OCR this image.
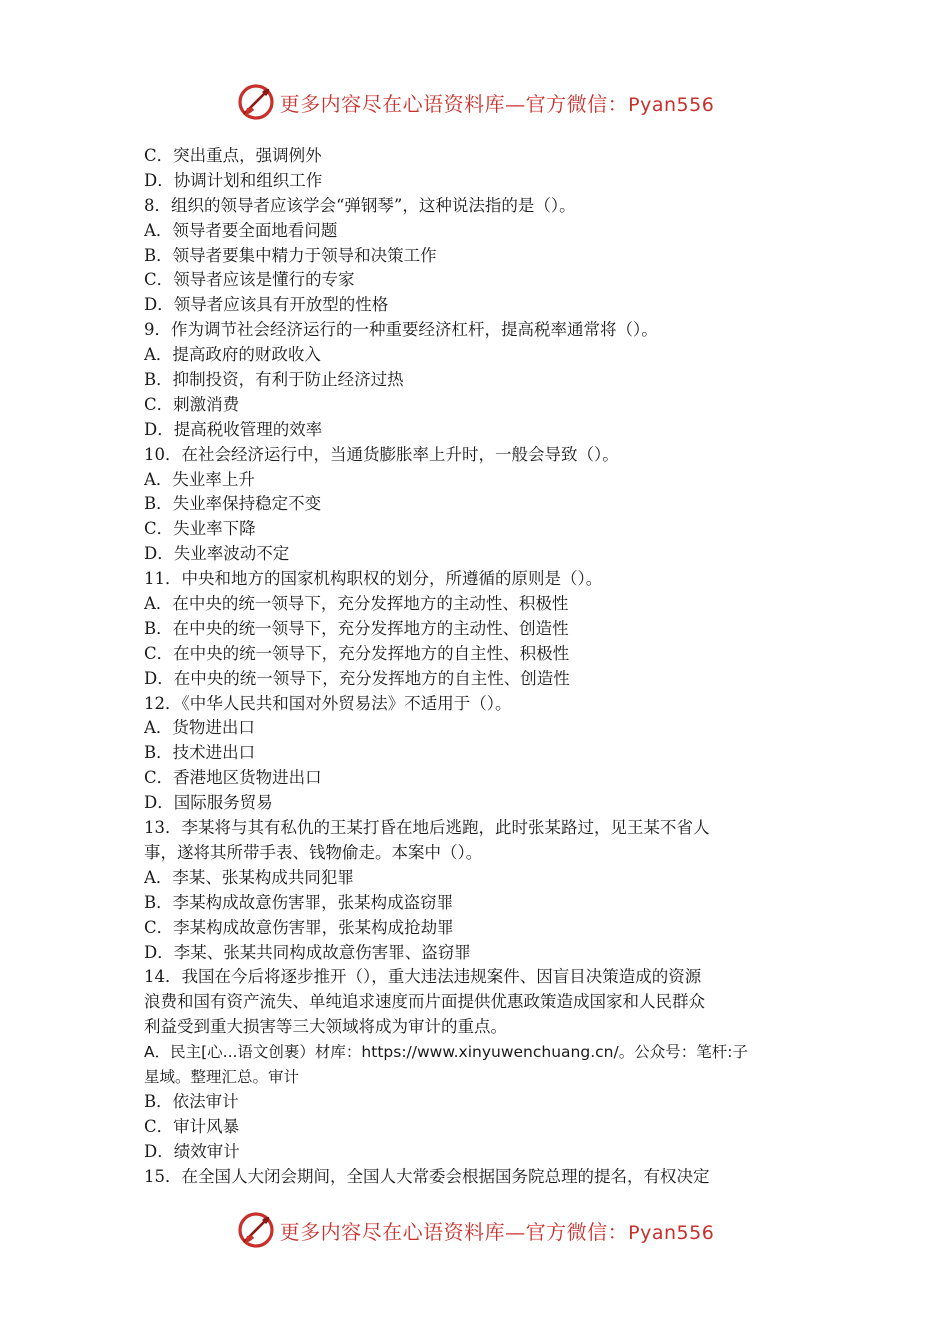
更多内容尽在心语资料库—官方微信：Pyan556
C．突出重点，强调例外
D．协调计划和组织工作
8．组织的领导者应该学会“弹钢琴”，这种说法指的是（）。
A．领导者要全面地看问题
B．领导者要集中精力于领导和决策工作
C．领导者应该是懂行的专家
D．领导者应该具有开放型的性格
9．作为调节社会经济运行的一种重要经济杠杆，提高税率通常将（）。
A．提高政府的财政收入
B．抑制投资，有利于防止经济过热
C．刺激消费
D．提高税收管理的效率
10．在社会经济运行中，当通货膨胀率上升时，一般会导致（）。
A．失业率上升
B．失业率保持稳定不变
C．失业率下降
D．失业率波动不定
11．中央和地方的国家机构职权的划分，所遵循的原则是（）。
A．在中央的统一领导下，充分发挥地方的主动性、积极性
B．在中央的统一领导下，充分发挥地方的主动性、创造性
C．在中央的统一领导下，充分发挥地方的自主性、积极性
D．在中央的统一领导下，充分发挥地方的自主性、创造性
12．《中华人民共和国对外贸易法》不适用于（）。
A．货物进出口
B．技术进出口
C．香港地区货物进出口
D．国际服务贸易
13．李某将与其有私仇的王某打昏在地后逃跑，此时张某路过，见王某不省人
事，遂将其所带手表、钱物偷走。本案中（）。
A．李某、张某构成共同犯罪
B．李某构成故意伤害罪，张某构成盗窃罪
C．李某构成故意伤害罪，张某构成抢劫罪
D．李某、张某共同构成故意伤害罪、盗窃罪
14．我国在今后将逐步推开（），重大违法违规案件、因盲目决策造成的资源
浪费和国有资产流失、单纯追求速度而片面提供优惠政策造成国家和人民群众
利益受到重大损害等三大领域将成为审计的重点。
A．民主[心...语文创裹）材库：https://www.xinyuwenchuang.cn/。公众号：笔杆:子
星域。整理汇总。审计
B．依法审计
C．审计风暴
D．绩效审计
15．在全国人大闭会期间，全国人大常委会根据国务院总理的提名，有权决定
更多内容尽在心语资料库—官方微信：Pyan556
